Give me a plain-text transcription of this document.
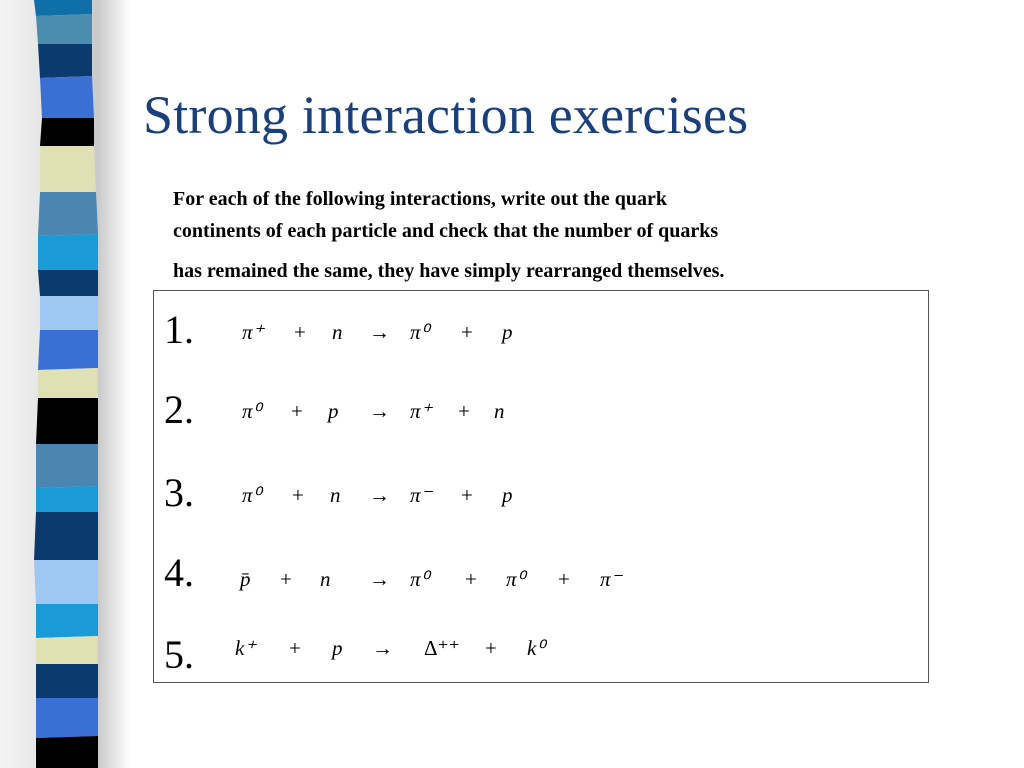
Strong interaction exercises
For each of the following interactions, write out the quark
continents of each particle and check that the number of quarks
has remained the same, they have simply rearranged themselves.
1. π⁺ + n → π⁰ + p
2. π⁰ + p → π⁺ + n
3. π⁰ + n → π⁻ + p
4. p̄ + n → π⁰ + π⁰ + π⁻
5. k⁺ + p → Δ⁺⁺ + k⁰
